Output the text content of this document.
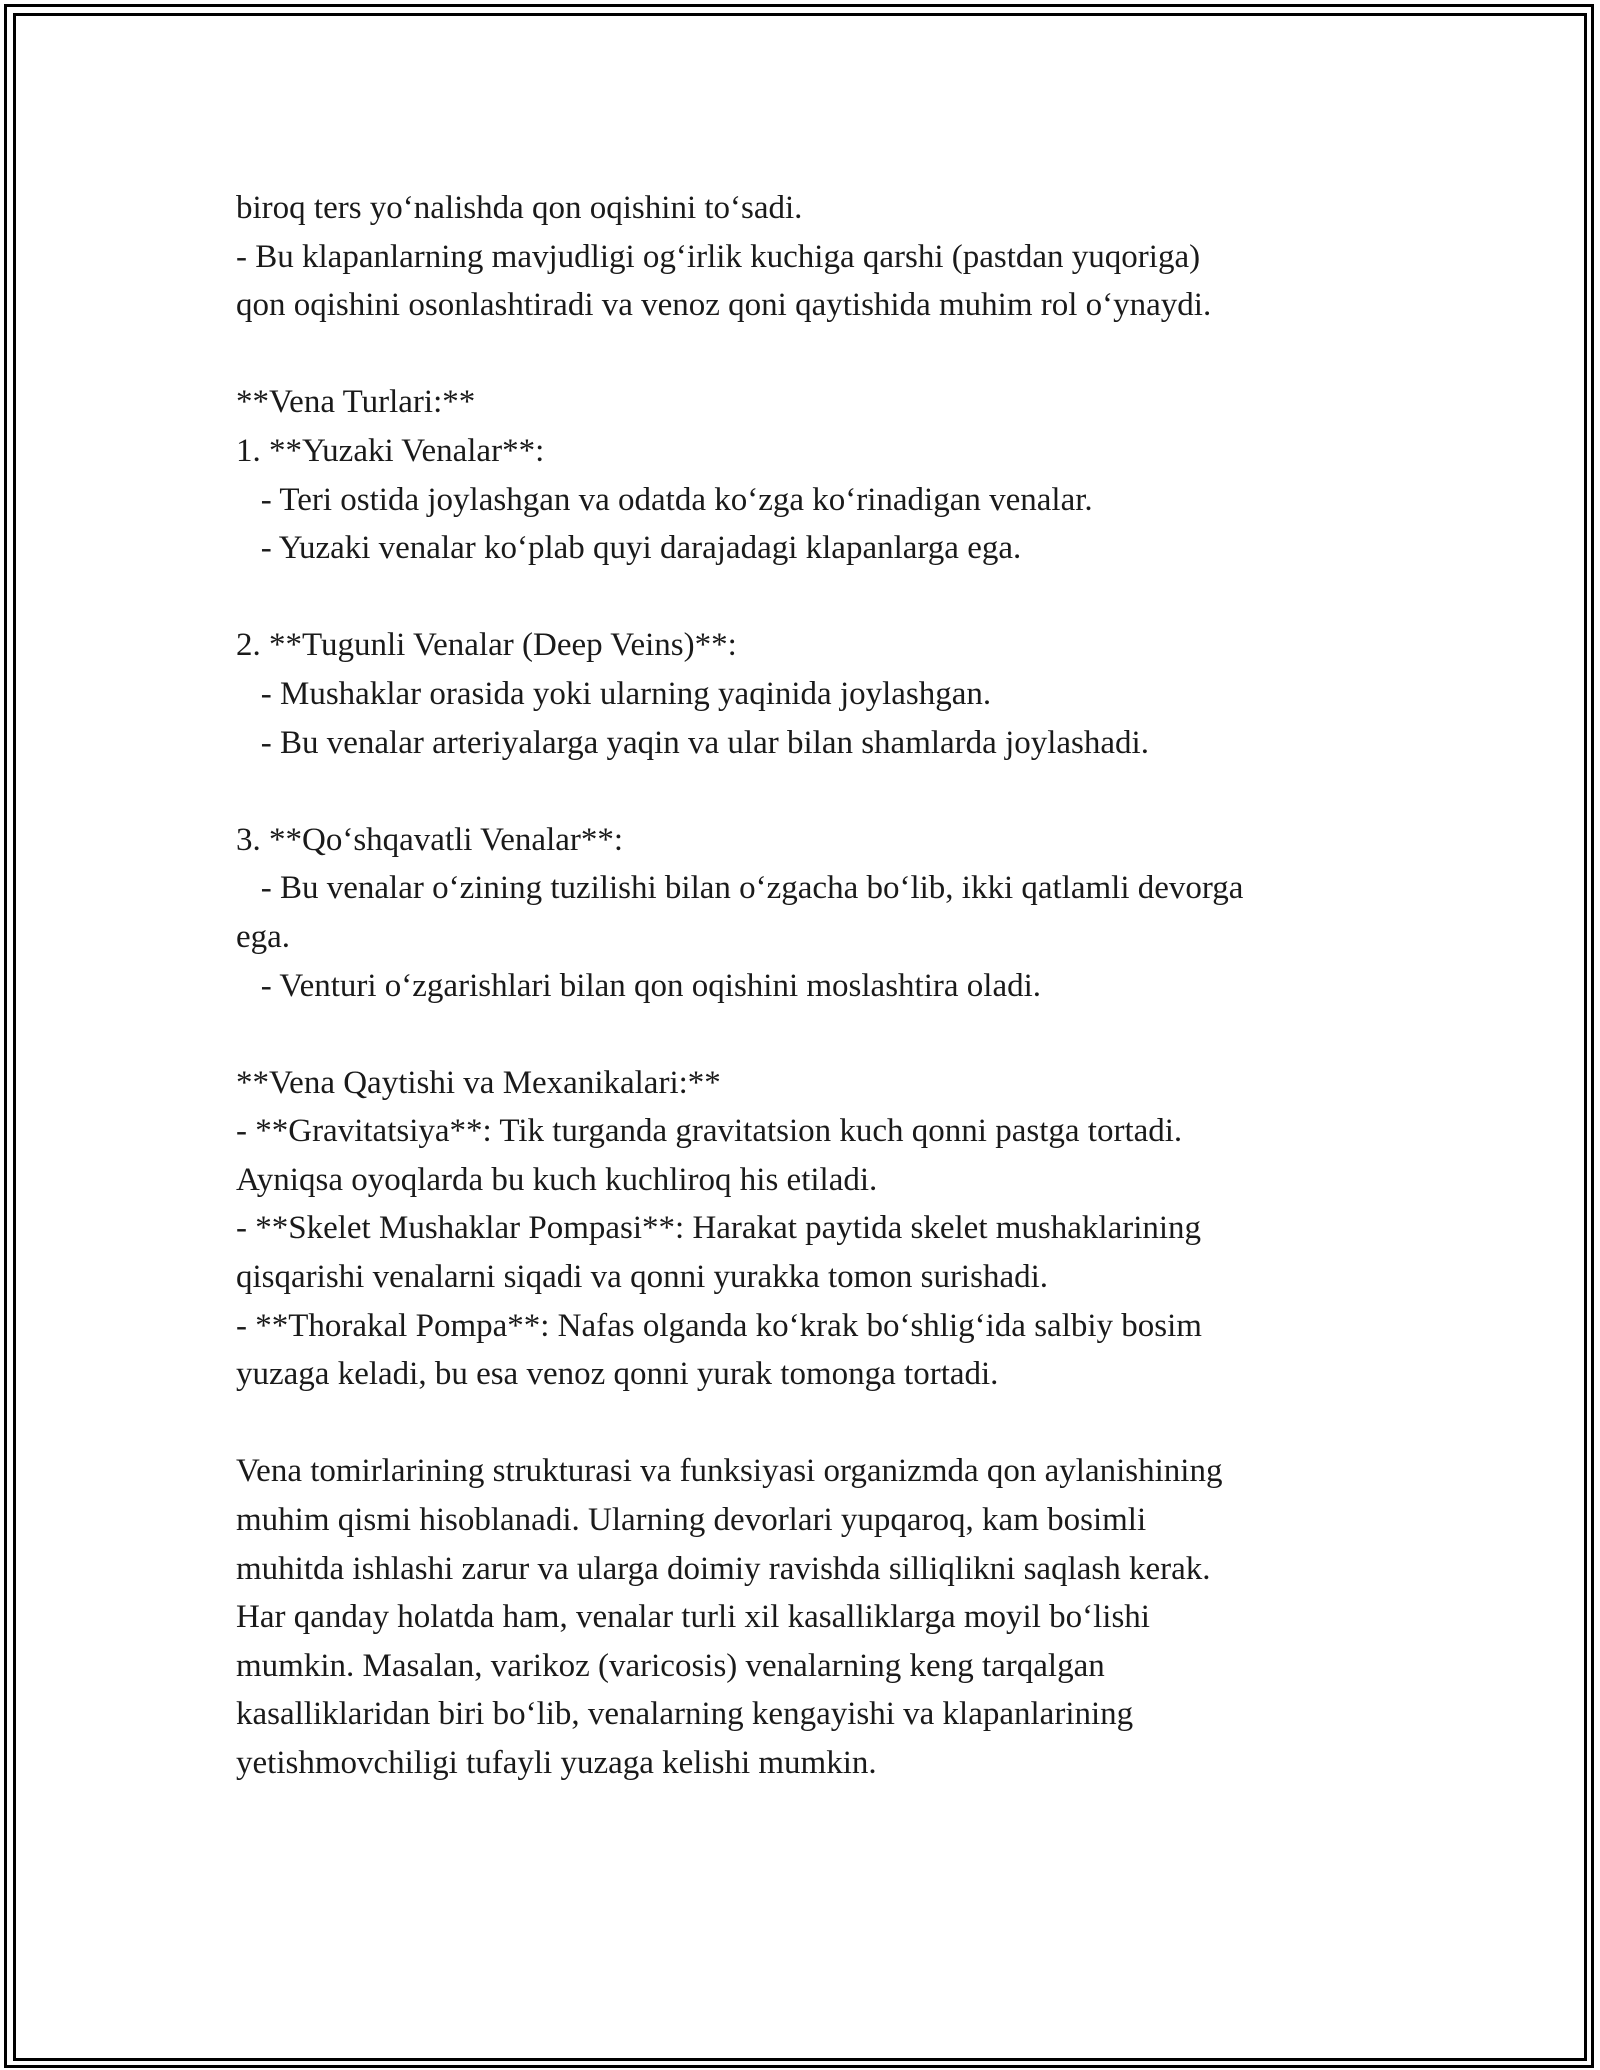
biroq ters yoʻnalishda qon oqishini toʻsadi.
- Bu klapanlarning mavjudligi ogʻirlik kuchiga qarshi (pastdan yuqoriga)
qon oqishini osonlashtiradi va venoz qoni qaytishida muhim rol oʻynaydi.
**Vena Turlari:**
1. **Yuzaki Venalar**:
- Teri ostida joylashgan va odatda koʻzga koʻrinadigan venalar.
- Yuzaki venalar koʻplab quyi darajadagi klapanlarga ega.
2. **Tugunli Venalar (Deep Veins)**:
- Mushaklar orasida yoki ularning yaqinida joylashgan.
- Bu venalar arteriyalarga yaqin va ular bilan shamlarda joylashadi.
3. **Qoʻshqavatli Venalar**:
- Bu venalar oʻzining tuzilishi bilan oʻzgacha boʻlib, ikki qatlamli devorga
ega.
- Venturi oʻzgarishlari bilan qon oqishini moslashtira oladi.
**Vena Qaytishi va Mexanikalari:**
- **Gravitatsiya**: Tik turganda gravitatsion kuch qonni pastga tortadi.
Ayniqsa oyoqlarda bu kuch kuchliroq his etiladi.
- **Skelet Mushaklar Pompasi**: Harakat paytida skelet mushaklarining
qisqarishi venalarni siqadi va qonni yurakka tomon surishadi.
- **Thorakal Pompa**: Nafas olganda koʻkrak boʻshligʻida salbiy bosim
yuzaga keladi, bu esa venoz qonni yurak tomonga tortadi.
Vena tomirlarining strukturasi va funksiyasi organizmda qon aylanishining
muhim qismi hisoblanadi. Ularning devorlari yupqaroq, kam bosimli
muhitda ishlashi zarur va ularga doimiy ravishda silliqlikni saqlash kerak.
Har qanday holatda ham, venalar turli xil kasalliklarga moyil boʻlishi
mumkin. Masalan, varikoz (varicosis) venalarning keng tarqalgan
kasalliklaridan biri boʻlib, venalarning kengayishi va klapanlarining
yetishmovchiligi tufayli yuzaga kelishi mumkin.
